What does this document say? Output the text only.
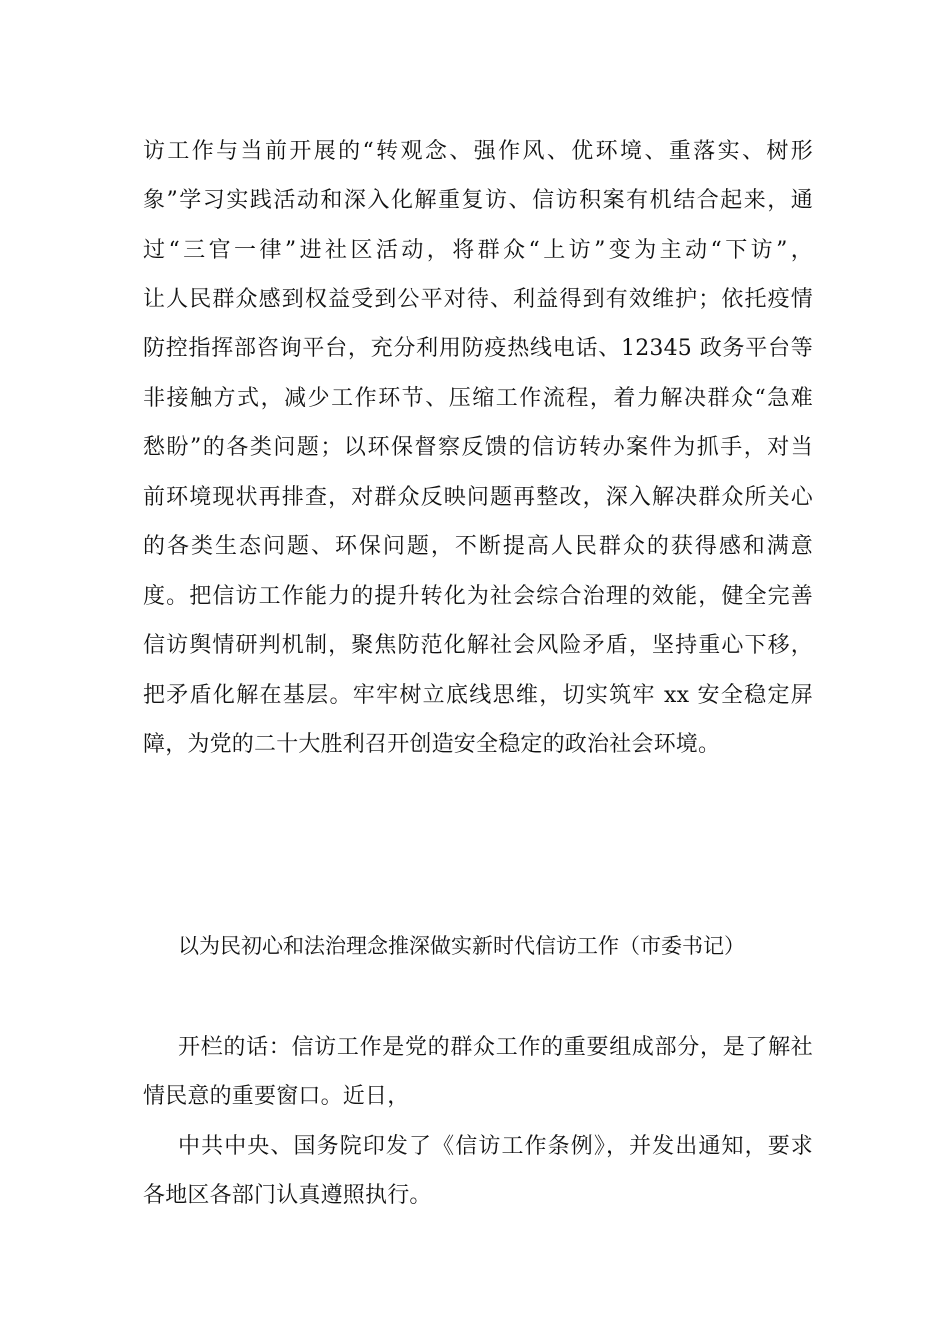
访工作与当前开展的“转观念、强作风、优环境、重落实、树形
象”学习实践活动和深入化解重复访、信访积案有机结合起来，通
过“三官一律”进社区活动，将群众“上访”变为主动“下访”，
让人民群众感到权益受到公平对待、利益得到有效维护；依托疫情
防控指挥部咨询平台，充分利用防疫热线电话、12345 政务平台等
非接触方式，减少工作环节、压缩工作流程，着力解决群众“急难
愁盼”的各类问题；以环保督察反馈的信访转办案件为抓手，对当
前环境现状再排查，对群众反映问题再整改，深入解决群众所关心
的各类生态问题、环保问题，不断提高人民群众的获得感和满意
度。把信访工作能力的提升转化为社会综合治理的效能，健全完善
信访舆情研判机制，聚焦防范化解社会风险矛盾，坚持重心下移，
把矛盾化解在基层。牢牢树立底线思维，切实筑牢 xx 安全稳定屏
障，为党的二十大胜利召开创造安全稳定的政治社会环境。
以为民初心和法治理念推深做实新时代信访工作（市委书记）
开栏的话：信访工作是党的群众工作的重要组成部分，是了解社
情民意的重要窗口。近日，
中共中央、国务院印发了《信访工作条例》，并发出通知，要求
各地区各部门认真遵照执行。
